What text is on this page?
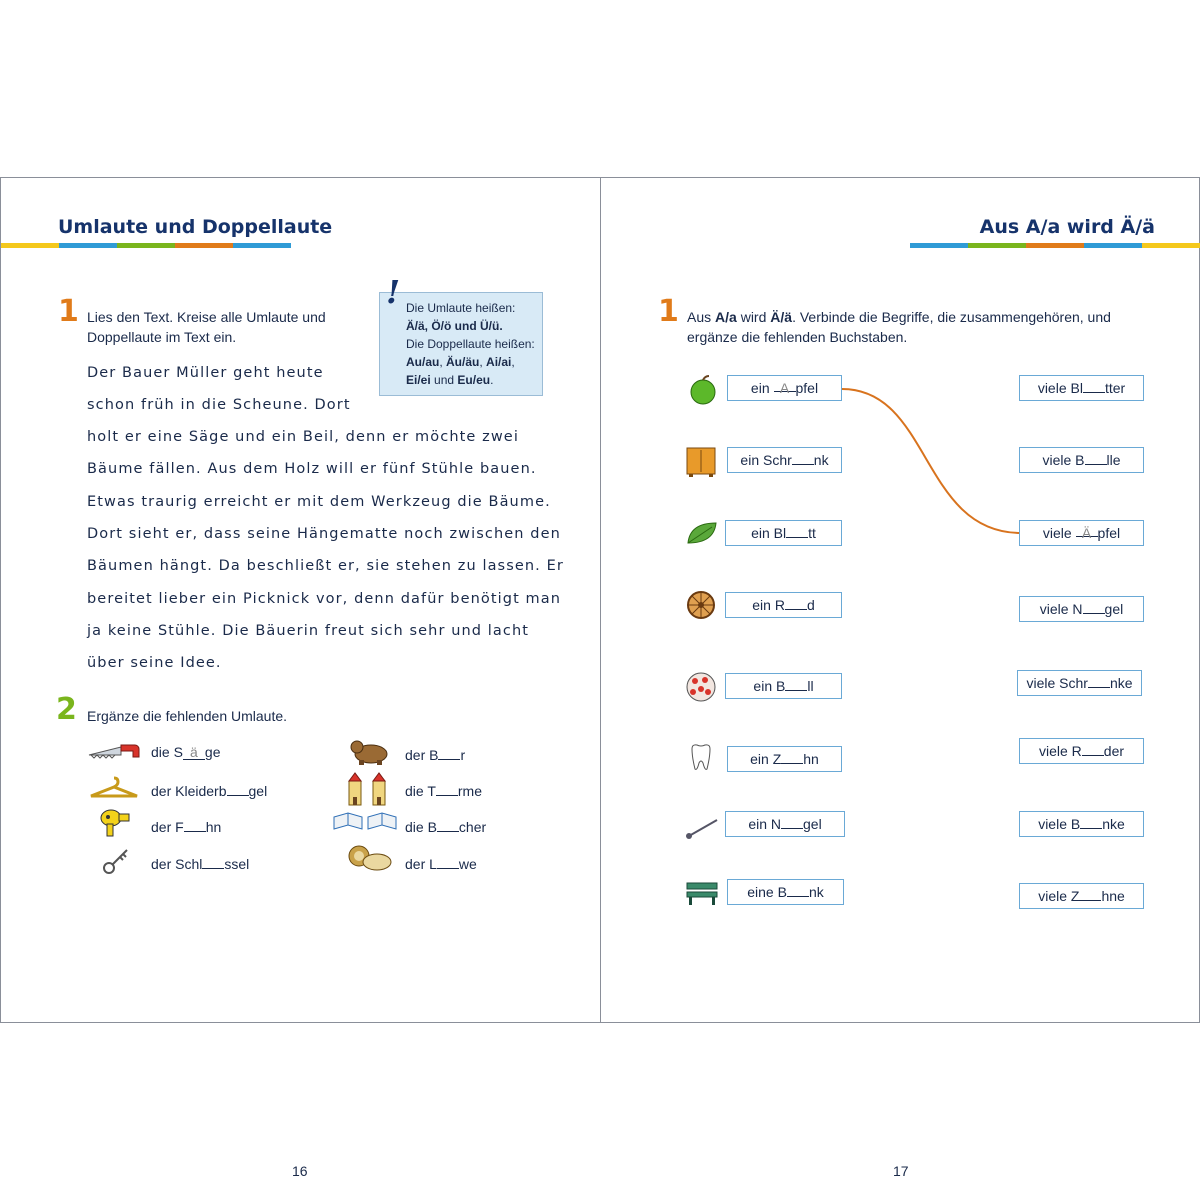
Umlaute und Doppellaute
1 Lies den Text. Kreise alle Umlaute und
Doppellaute im Text ein.
! Die Umlaute heißen:
Ä/ä, Ö/ö und Ü/ü.
Die Doppellaute heißen:
Au/au, Äu/äu, Ai/ai,
Ei/ei und Eu/eu.
Der Bauer Müller geht heute
schon früh in die Scheune. Dort
holt er eine Säge und ein Beil, denn er möchte zwei
Bäume fällen. Aus dem Holz will er fünf Stühle bauen.
Etwas traurig erreicht er mit dem Werkzeug die Bäume.
Dort sieht er, dass seine Hängematte noch zwischen den
Bäumen hängt. Da beschließt er, sie stehen zu lassen. Er
bereitet lieber ein Picknick vor, denn dafür benötigt man
ja keine Stühle. Die Bäuerin freut sich sehr und lacht
über seine Idee.
2 Ergänze die fehlenden Umlaute.
die S ä ge
der Kleiderb gel
der F hn
der Schl ssel
der B r
die T rme
die B cher
der L we
16
Aus A/a wird Ä/ä
1 Aus A/a wird Ä/ä. Verbinde die Begriffe, die zusammengehören, und
ergänze die fehlenden Buchstaben.
ein A pfel
ein Schr nk
ein Bl tt
ein R d
ein B ll
ein Z hn
ein N gel
eine B nk
viele Bl tter
viele B lle
viele Ä pfel
viele N gel
viele Schr nke
viele R der
viele B nke
viele Z hne
17
